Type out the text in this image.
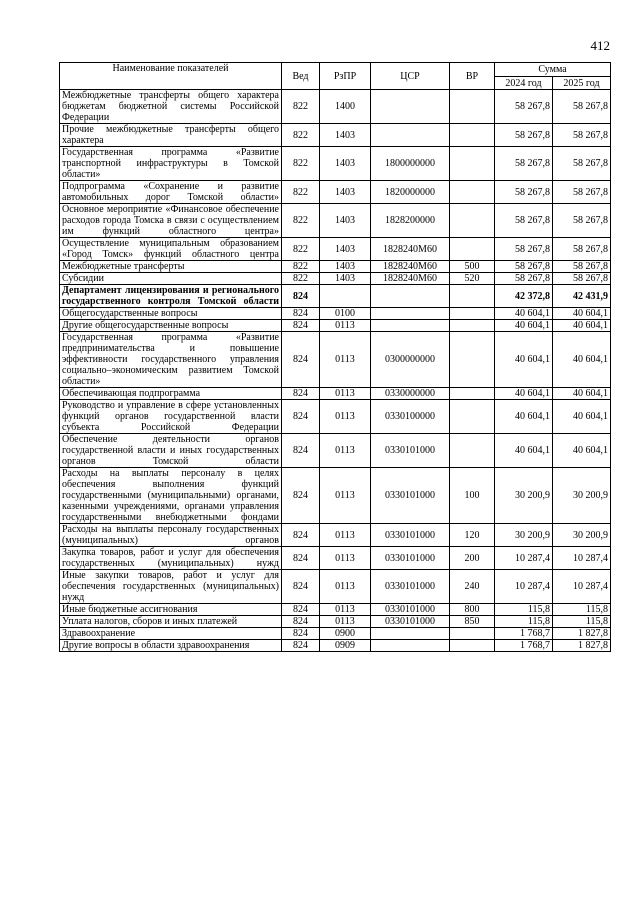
412
Наименование показателей	Вед	РзПР	ЦСР	ВР	Сумма	
					2024 год	2025 год
Межбюджетные трансферты общего характера бюджетам бюджетной системы Российской Федерации	822	1400			58 267,8	58 267,8
Прочие межбюджетные трансферты общего характера	822	1403			58 267,8	58 267,8
Государственная программа «Развитие транспортной инфраструктуры в Томской области»	822	1403	1800000000		58 267,8	58 267,8
Подпрограмма «Сохранение и развитие автомобильных дорог Томской области»	822	1403	1820000000		58 267,8	58 267,8
Основное мероприятие «Финансовое обеспечение расходов города Томска в связи с осуществлением им функций областного центра»	822	1403	1828200000		58 267,8	58 267,8
Осуществление муниципальным образованием «Город Томск» функций областного центра	822	1403	1828240М60		58 267,8	58 267,8
Межбюджетные трансферты	822	1403	1828240М60	500	58 267,8	58 267,8
Субсидии	822	1403	1828240М60	520	58 267,8	58 267,8
Департамент лицензирования и регионального государственного контроля Томской области	824				42 372,8	42 431,9
Общегосударственные вопросы	824	0100			40 604,1	40 604,1
Другие общегосударственные вопросы	824	0113			40 604,1	40 604,1
Государственная программа «Развитие предпринимательства и повышение эффективности государственного управления социально–экономическим развитием Томской области»	824	0113	0300000000		40 604,1	40 604,1
Обеспечивающая подпрограмма	824	0113	0330000000		40 604,1	40 604,1
Руководство и управление в сфере установленных функций органов государственной власти субъекта Российской Федерации	824	0113	0330100000		40 604,1	40 604,1
Обеспечение деятельности органов государственной власти и иных государственных органов Томской области	824	0113	0330101000		40 604,1	40 604,1
Расходы на выплаты персоналу в целях обеспечения выполнения функций государственными (муниципальными) органами, казенными учреждениями, органами управления государственными внебюджетными фондами	824	0113	0330101000	100	30 200,9	30 200,9
Расходы на выплаты персоналу государственных (муниципальных) органов	824	0113	0330101000	120	30 200,9	30 200,9
Закупка товаров, работ и услуг для обеспечения государственных (муниципальных) нужд	824	0113	0330101000	200	10 287,4	10 287,4
Иные закупки товаров, работ и услуг для обеспечения государственных (муниципальных) нужд	824	0113	0330101000	240	10 287,4	10 287,4
Иные бюджетные ассигнования	824	0113	0330101000	800	115,8	115,8
Уплата налогов, сборов и иных платежей	824	0113	0330101000	850	115,8	115,8
Здравоохранение	824	0900			1 768,7	1 827,8
Другие вопросы в области здравоохранения	824	0909			1 768,7	1 827,8
